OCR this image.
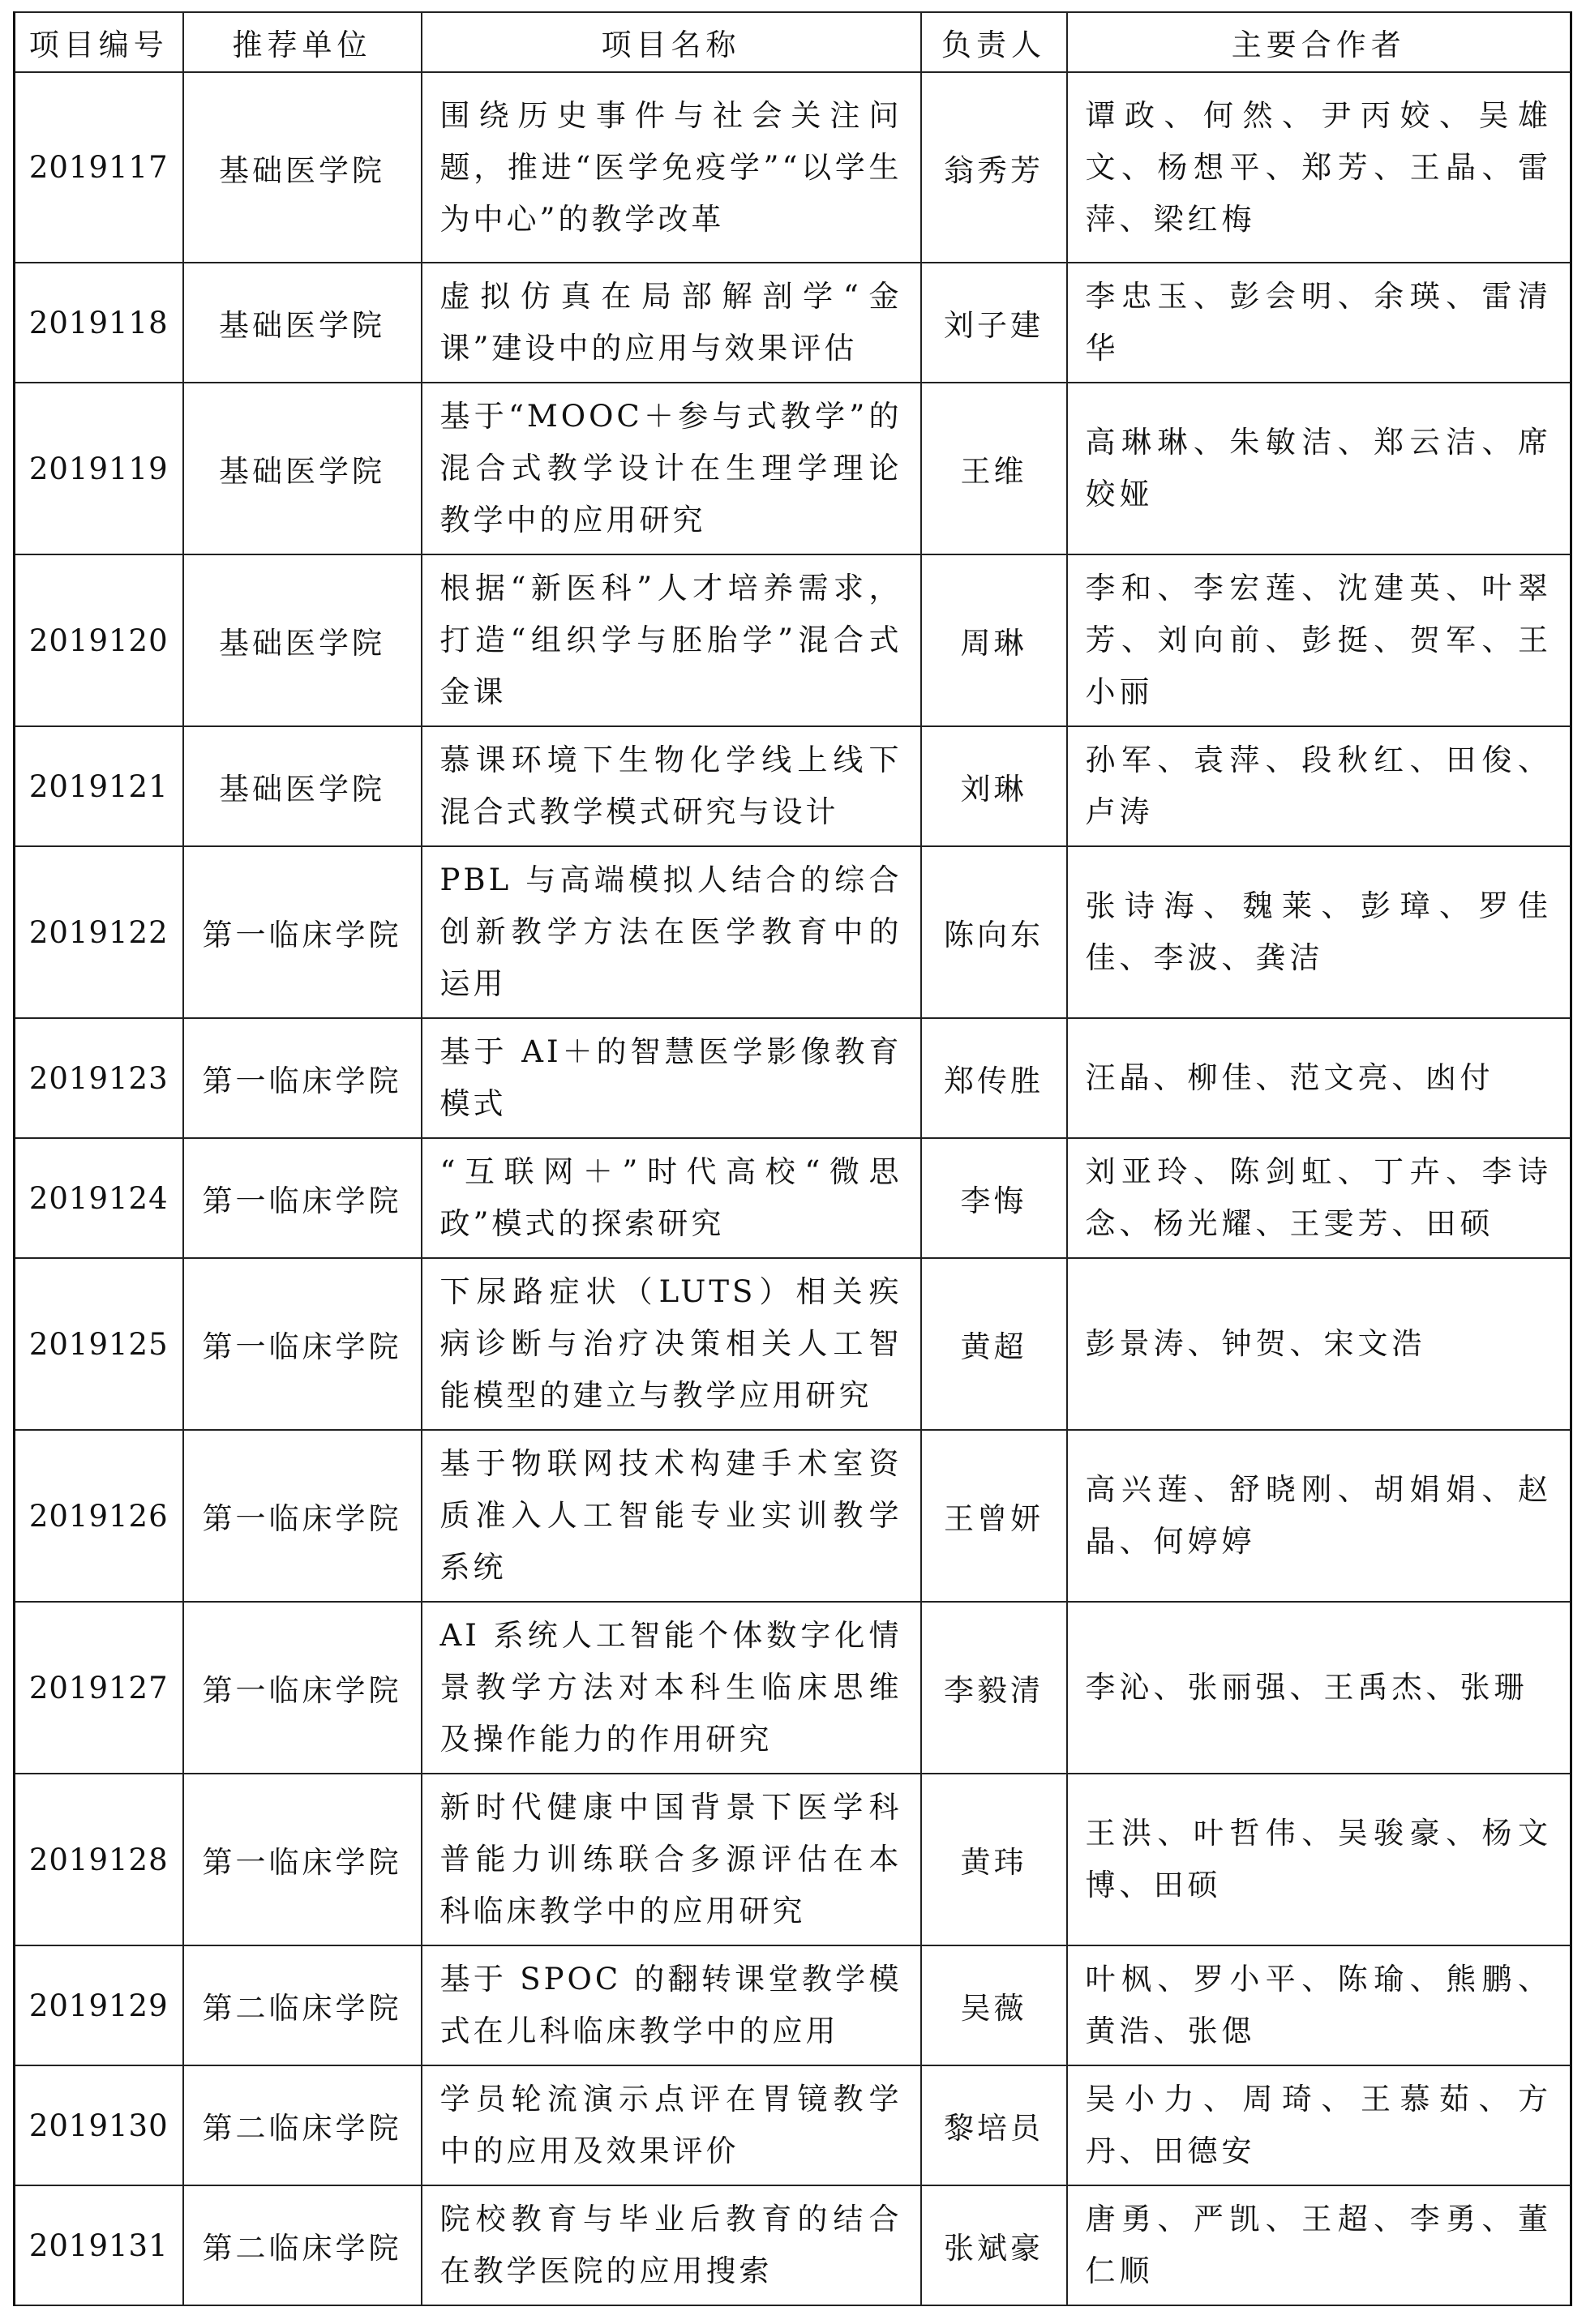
项目编号	推荐单位	项目名称	负责人	主要合作者
2019117	基础医学院	围绕历史事件与社会关注问题，推进“医学免疫学”“以学生为中心”的教学改革	翁秀芳	谭政、何然、尹丙姣、吴雄文、杨想平、郑芳、王晶、雷萍、梁红梅
2019118	基础医学院	虚拟仿真在局部解剖学“金课”建设中的应用与效果评估	刘子建	李忠玉、彭会明、余瑛、雷清华
2019119	基础医学院	基于“MOOC＋参与式教学”的混合式教学设计在生理学理论教学中的应用研究	王维	高琳琳、朱敏洁、郑云洁、席姣娅
2019120	基础医学院	根据“新医科”人才培养需求，打造“组织学与胚胎学”混合式金课	周琳	李和、李宏莲、沈建英、叶翠芳、刘向前、彭挺、贺军、王小丽
2019121	基础医学院	慕课环境下生物化学线上线下混合式教学模式研究与设计	刘琳	孙军、袁萍、段秋红、田俊、卢涛
2019122	第一临床学院	PBL 与高端模拟人结合的综合创新教学方法在医学教育中的运用	陈向东	张诗海、魏莱、彭璋、罗佳佳、李波、龚洁
2019123	第一临床学院	基于 AI＋的智慧医学影像教育模式	郑传胜	汪晶、柳佳、范文亮、凼付
2019124	第一临床学院	“互联网＋”时代高校“微思政”模式的探索研究	李悔	刘亚玲、陈剑虹、丁卉、李诗念、杨光耀、王雯芳、田硕
2019125	第一临床学院	下尿路症状（LUTS）相关疾病诊断与治疗决策相关人工智能模型的建立与教学应用研究	黄超	彭景涛、钟贺、宋文浩
2019126	第一临床学院	基于物联网技术构建手术室资质准入人工智能专业实训教学系统	王曾妍	高兴莲、舒晓刚、胡娟娟、赵晶、何婷婷
2019127	第一临床学院	AI 系统人工智能个体数字化情景教学方法对本科生临床思维及操作能力的作用研究	李毅清	李沁、张丽强、王禹杰、张珊
2019128	第一临床学院	新时代健康中国背景下医学科普能力训练联合多源评估在本科临床教学中的应用研究	黄玮	王洪、叶哲伟、吴骏豪、杨文博、田硕
2019129	第二临床学院	基于 SPOC 的翻转课堂教学模式在儿科临床教学中的应用	吴薇	叶枫、罗小平、陈瑜、熊鹏、黄浩、张偲
2019130	第二临床学院	学员轮流演示点评在胃镜教学中的应用及效果评价	黎培员	吴小力、周琦、王慕茹、方丹、田德安
2019131	第二临床学院	院校教育与毕业后教育的结合在教学医院的应用搜索	张斌豪	唐勇、严凯、王超、李勇、董仁顺
